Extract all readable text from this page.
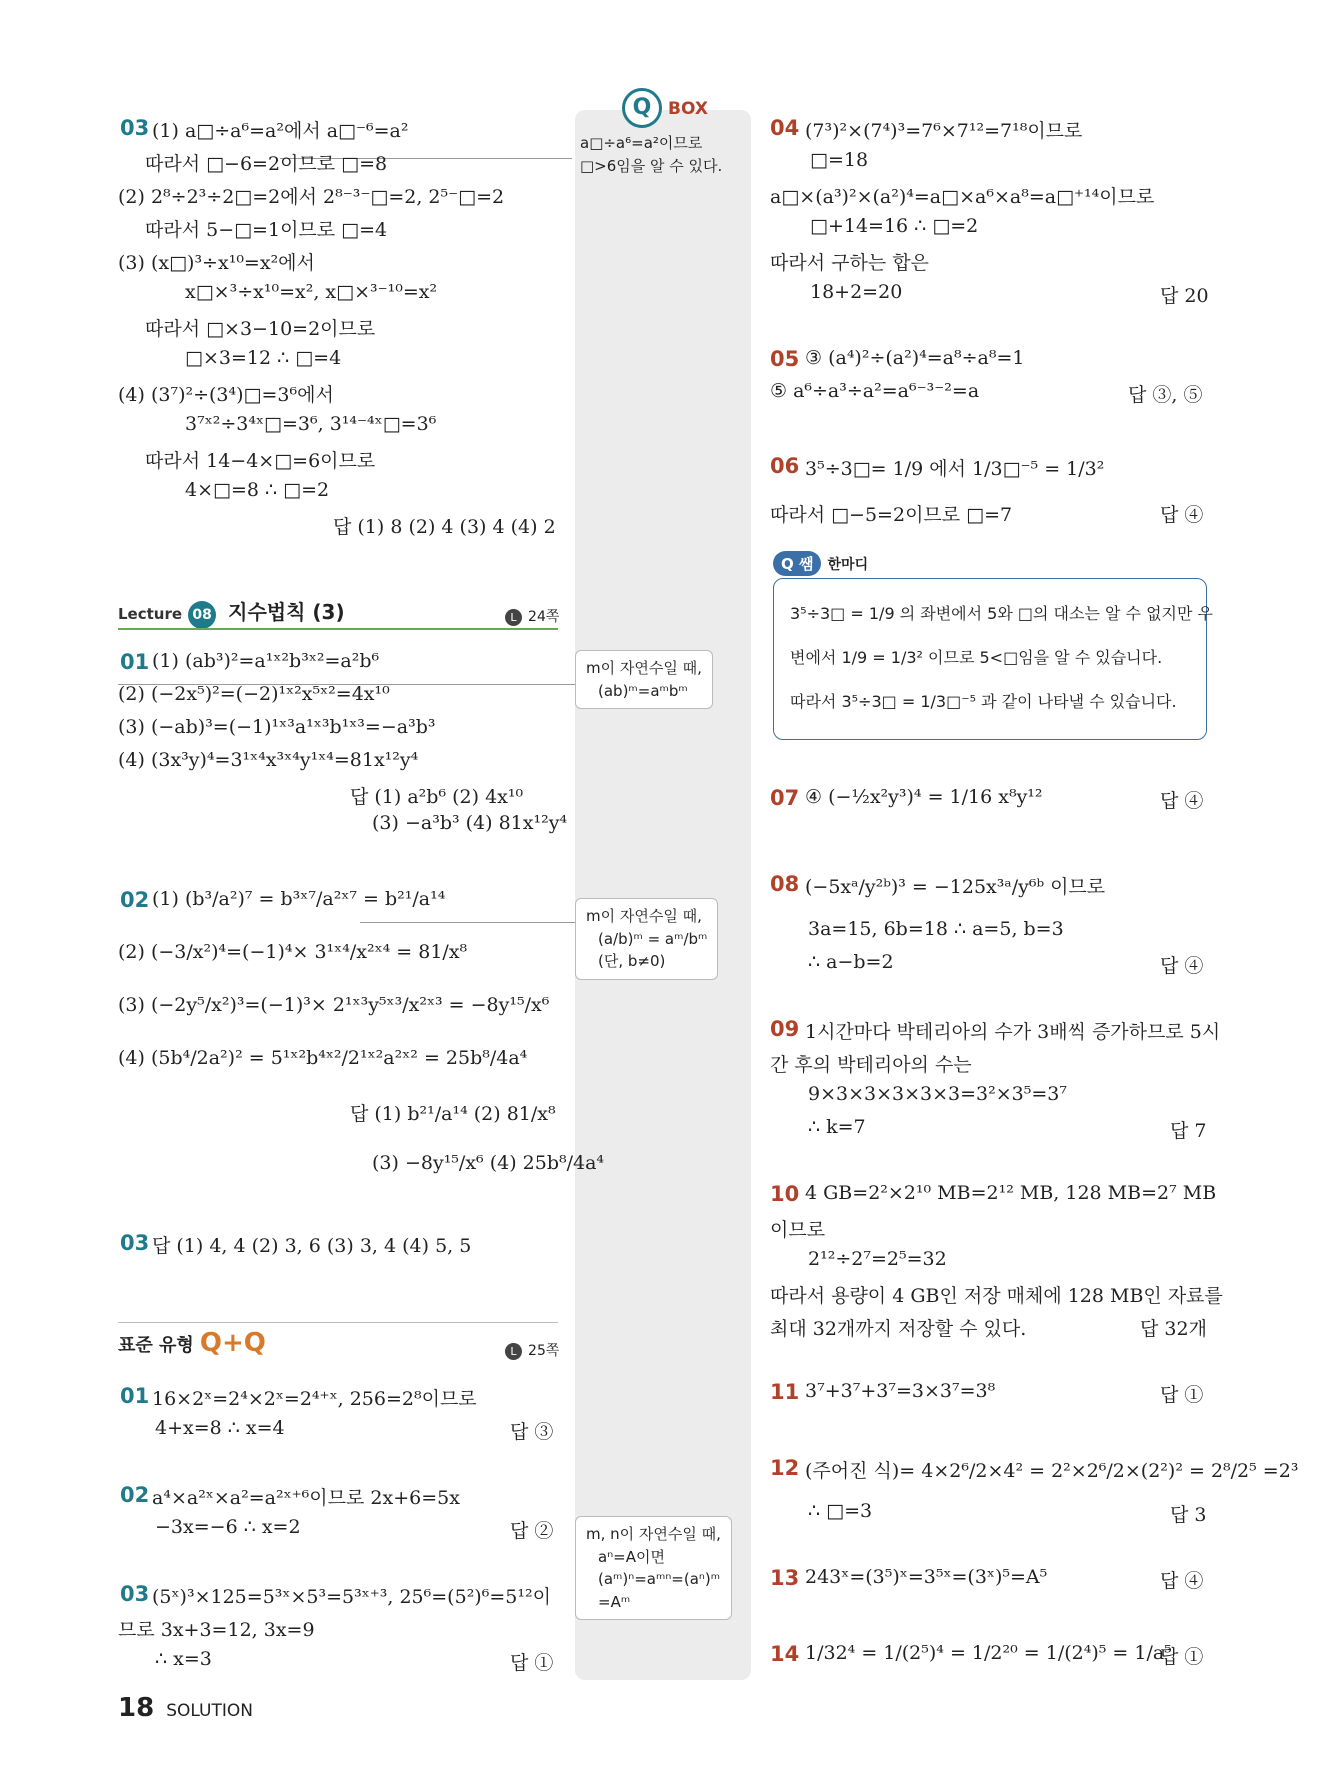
Q BOX
03 (1) a□÷a⁶=a²에서 a□⁻⁶=a²
따라서 □−6=2이므로 □=8
(2) 2⁸÷2³÷2□=2에서 2⁸⁻³⁻□=2, 2⁵⁻□=2
따라서 5−□=1이므로 □=4
(3) (x□)³÷x¹⁰=x²에서
x□×³÷x¹⁰=x², x□×³⁻¹⁰=x²
따라서 □×3−10=2이므로
□×3=12 ∴ □=4
(4) (3⁷)²÷(3⁴)□=3⁶에서
3⁷ˣ²÷3⁴ˣ□=3⁶, 3¹⁴⁻⁴ˣ□=3⁶
따라서 14−4×□=6이므로
4×□=8 ∴ □=2
답 (1) 8 (2) 4 (3) 4 (4) 2
01 (1) (ab³)²=a¹ˣ²b³ˣ²=a²b⁶
(2) (−2x⁵)²=(−2)¹ˣ²x⁵ˣ²=4x¹⁰
(3) (−ab)³=(−1)¹ˣ³a¹ˣ³b¹ˣ³=−a³b³
(4) (3x³y)⁴=3¹ˣ⁴x³ˣ⁴y¹ˣ⁴=81x¹²y⁴
답 (1) a²b⁶ (2) 4x¹⁰
(3) −a³b³ (4) 81x¹²y⁴
02 (1) (b³/a²)⁷ = b³ˣ⁷/a²ˣ⁷ = b²¹/a¹⁴
(2) (−3/x²)⁴=(−1)⁴× 3¹ˣ⁴/x²ˣ⁴ = 81/x⁸
(3) (−2y⁵/x²)³=(−1)³× 2¹ˣ³y⁵ˣ³/x²ˣ³ = −8y¹⁵/x⁶
(4) (5b⁴/2a²)² = 5¹ˣ²b⁴ˣ²/2¹ˣ²a²ˣ² = 25b⁸/4a⁴
답 (1) b²¹/a¹⁴ (2) 81/x⁸
(3) −8y¹⁵/x⁶ (4) 25b⁸/4a⁴
03 답 (1) 4, 4 (2) 3, 6 (3) 3, 4 (4) 5, 5
01 16×2ˣ=2⁴×2ˣ=2⁴⁺ˣ, 256=2⁸이므로
4+x=8 ∴ x=4	답 ③
02 a⁴×a²ˣ×a²=a²ˣ⁺⁶이므로 2x+6=5x
−3x=−6 ∴ x=2	답 ②
03 (5ˣ)³×125=5³ˣ×5³=5³ˣ⁺³, 25⁶=(5²)⁶=5¹²이
므로 3x+3=12, 3x=9
∴ x=3	답 ①
Lecture 08 지수법칙 (3)	L 24쪽
표준 유형 Q+Q	L 25쪽
04 (7³)²×(7⁴)³=7⁶×7¹²=7¹⁸이므로
□=18
a□×(a³)²×(a²)⁴=a□×a⁶×a⁸=a□⁺¹⁴이므로
□+14=16 ∴ □=2
따라서 구하는 합은
18+2=20	답 20
05 ③ (a⁴)²÷(a²)⁴=a⁸÷a⁸=1
⑤ a⁶÷a³÷a²=a⁶⁻³⁻²=a	답 ③, ⑤
06 3⁵÷3□= 1/9 에서 1/3□⁻⁵ = 1/3²
따라서 □−5=2이므로 □=7	답 ④
07 ④ (−½x²y³)⁴ = 1/16 x⁸y¹²	답 ④
08 (−5xᵃ/y²ᵇ)³ = −125x³ᵃ/y⁶ᵇ 이므로
3a=15, 6b=18 ∴ a=5, b=3
∴ a−b=2	답 ④
09 1시간마다 박테리아의 수가 3배씩 증가하므로 5시
간 후의 박테리아의 수는
9×3×3×3×3×3=3²×3⁵=3⁷
∴ k=7	답 7
10 4 GB=2²×2¹⁰ MB=2¹² MB, 128 MB=2⁷ MB
이므로
2¹²÷2⁷=2⁵=32
따라서 용량이 4 GB인 저장 매체에 128 MB인 자료를
최대 32개까지 저장할 수 있다.	답 32개
11 3⁷+3⁷+3⁷=3×3⁷=3⁸	답 ①
12 (주어진 식)= 4×2⁶/2×4² = 2²×2⁶/2×(2²)² = 2⁸/2⁵ =2³
∴ □=3	답 3
13 243ˣ=(3⁵)ˣ=3⁵ˣ=(3ˣ)⁵=A⁵	답 ④
14 1/32⁴ = 1/(2⁵)⁴ = 1/2²⁰ = 1/(2⁴)⁵ = 1/a⁵
답 ①
a□÷a⁶=a²이므로
□>6임을 알 수 있다.
m이 자연수일 때,
(ab)ᵐ=aᵐbᵐ
m이 자연수일 때,
(a/b)ᵐ = aᵐ/bᵐ
(단, b≠0)
m, n이 자연수일 때,
aⁿ=A이면
(aᵐ)ⁿ=aᵐⁿ=(aⁿ)ᵐ
=Aᵐ
Q 쌤 한마디
3⁵÷3□ = 1/9 의 좌변에서 5와 □의 대소는 알 수 없지만 우
변에서 1/9 = 1/3² 이므로 5<□임을 알 수 있습니다.
따라서 3⁵÷3□ = 1/3□⁻⁵ 과 같이 나타낼 수 있습니다.
18 SOLUTION
